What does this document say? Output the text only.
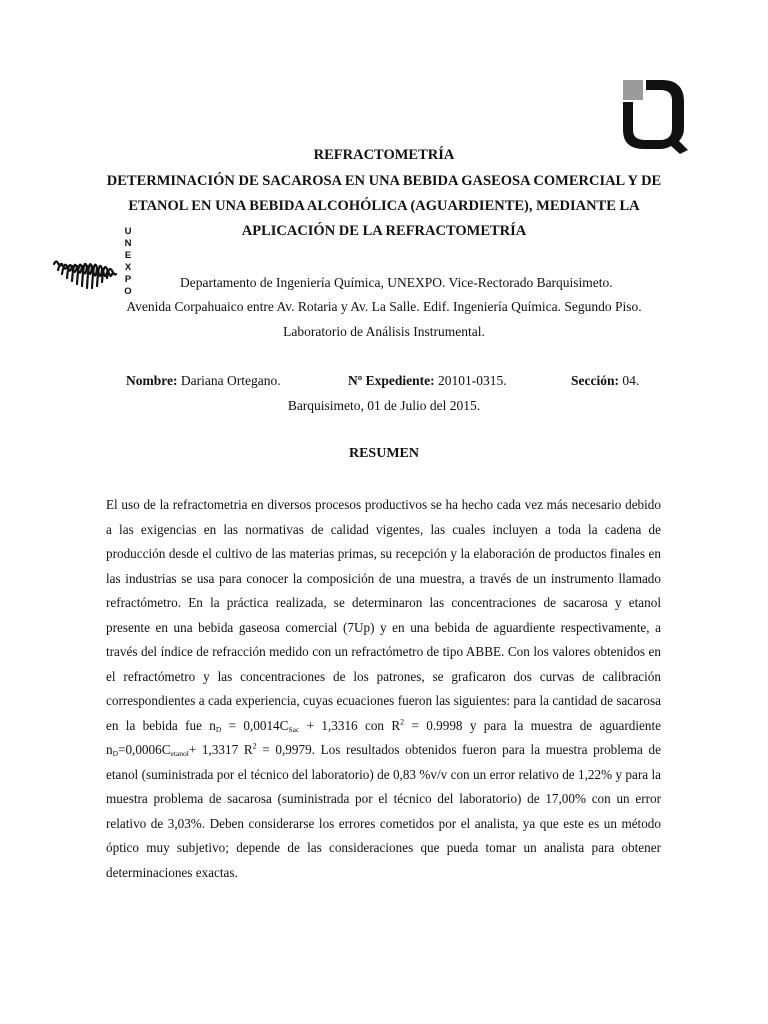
U
N
E
X
P
O
REFRACTOMETRÍA
DETERMINACIÓN DE SACAROSA EN UNA BEBIDA GASEOSA COMERCIAL Y DE
ETANOL EN UNA BEBIDA ALCOHÓLICA (AGUARDIENTE), MEDIANTE LA
APLICACIÓN DE LA REFRACTOMETRÍA
Departamento de Ingeniería Química, UNEXPO. Vice-Rectorado Barquisimeto.
Avenida Corpahuaico entre Av. Rotaria y Av. La Salle. Edif. Ingeniería Química. Segundo Piso.
Laboratorio de Análisis Instrumental.
Nombre: Dariana Ortegano.	Nº Expediente: 20101-0315.	Sección: 04.
Barquisimeto, 01 de Julio del 2015.
RESUMEN

El uso de la refractometria en diversos procesos productivos se ha hecho cada vez más necesario debido a las exigencias en las normativas de calidad vigentes, las cuales incluyen a toda la cadena de producción desde el cultivo de las materias primas, su recepción y la elaboración de productos finales en las industrias se usa para conocer la composición de una muestra, a través de un instrumento llamado refractómetro. En la práctica realizada, se determinaron las concentraciones de sacarosa y etanol presente en una bebida gaseosa comercial (7Up) y en una bebida de aguardiente respectivamente, a través del índice de refracción medido con un refractómetro de tipo ABBE. Con los valores obtenidos en el refractómetro y las concentraciones de los patrones, se graficaron dos curvas de calibración correspondientes a cada experiencia, cuyas ecuaciones fueron las siguientes: para la cantidad de sacarosa en la bebida fue $n_D = 0,0014C_{Sac} + 1,3316$ con $R^2 = 0.9998$ y para la muestra de aguardiente $n_D=0,0006C_{etanol}+ 1,3317$ $R^2 = 0,9979$. Los resultados obtenidos fueron para la muestra problema de etanol (suministrada por el técnico del laboratorio) de 0,83 %v/v con un error relativo de 1,22% y para la muestra problema de sacarosa (suministrada por el técnico del laboratorio) de 17,00% con un error relativo de 3,03%. Deben considerarse los errores cometidos por el analista, ya que este es un método óptico muy subjetivo; depende de las consideraciones que pueda tomar un analista para obtener determinaciones exactas.
